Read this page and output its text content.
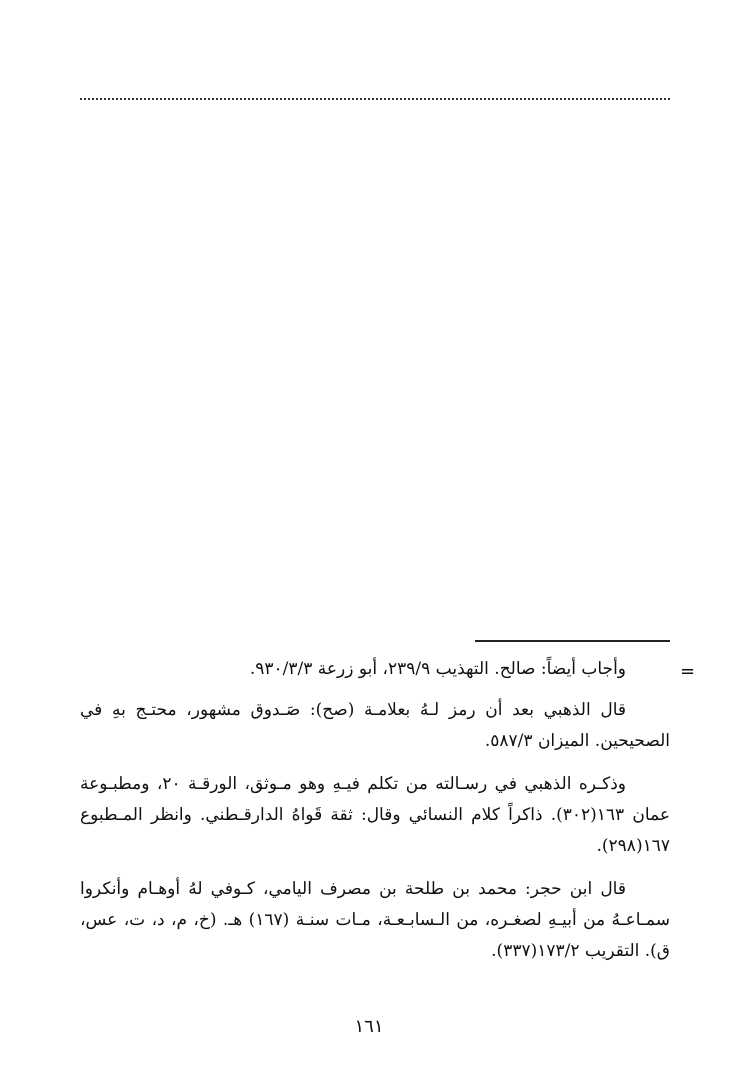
=

وأجاب أيضاً: صالح. التهذيب ٢٣٩/٩، أبو زرعة ٩٣٠/٣/٣.

قال الذهبي بعد أن رمز لـهُ بعلامـة (صح): صَـدوق مشهور، محتـج بهِ في الصحيحين. الميزان ٥٨٧/٣.

وذكـره الذهبي في رسـالته من تكلم فيـهِ وهو مـوثق، الورقـة ٢٠، ومطبـوعة عمان ١٦٣(٣٠٢). ذاكراً كلام النسائي وقال: ثقة قَواهُ الدارقـطني. وانظر المـطبوع ١٦٧(٢٩٨).

قال ابن حجر: محمد بن طلحة بن مصرف اليامي، كـوفي لهُ أوهـام وأنكروا سمـاعـهُ من أبيـهِ لصغـره، من الـسابـعـة، مـات سنـة (١٦٧) هـ. (خ، م، د، ت، عس، ق). التقريب ١٧٣/٢(٣٣٧).

١٦١
